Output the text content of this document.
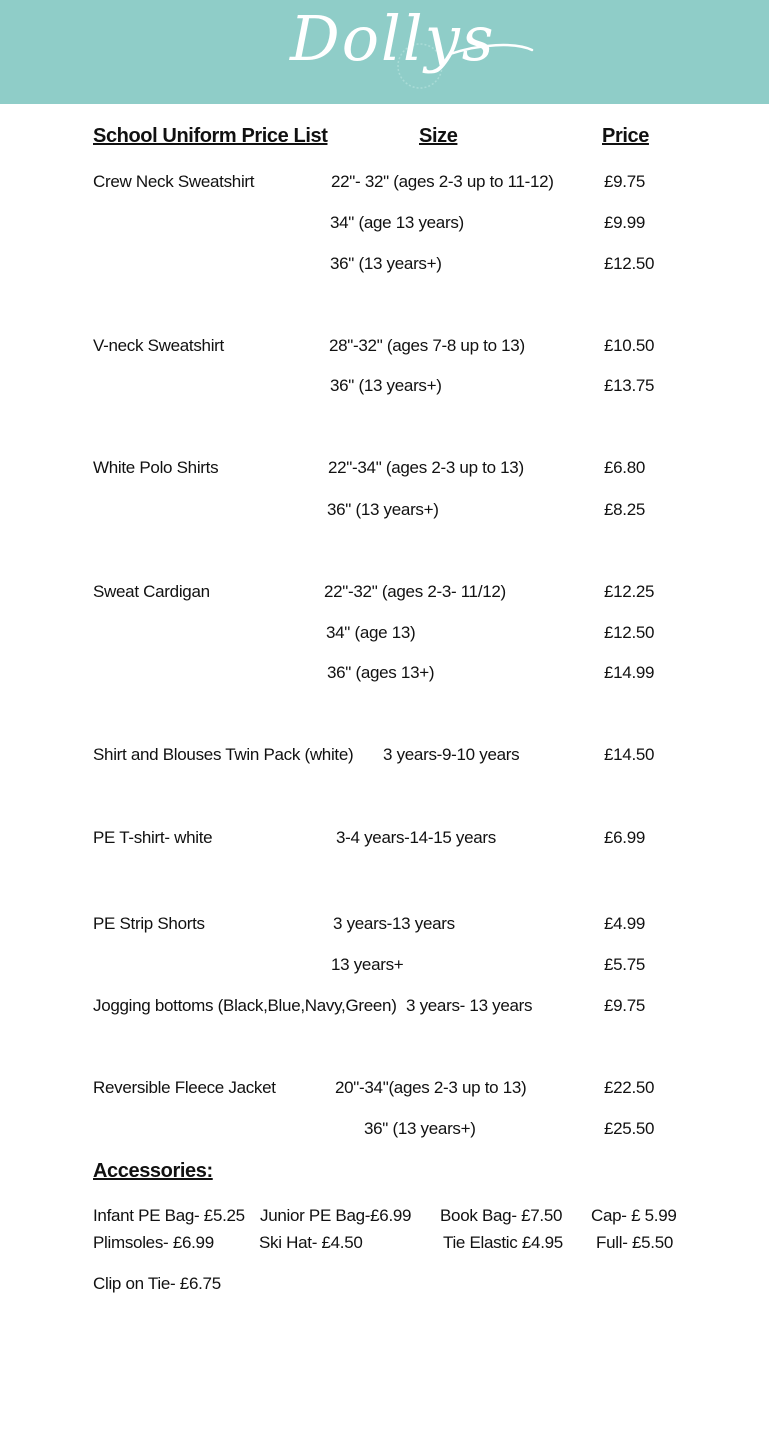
Dollys
School Uniform Price List	Size	Price
Crew Neck Sweatshirt	22"- 32" (ages 2-3 up to 11-12)	£9.75
34" (age 13 years)	£9.99
36" (13 years+)	£12.50
V-neck Sweatshirt	28"-32" (ages 7-8 up to 13)	£10.50
36" (13 years+)	£13.75
White Polo Shirts	22"-34" (ages 2-3 up to 13)	£6.80
36" (13 years+)	£8.25
Sweat Cardigan	22"-32" (ages 2-3- 11/12)	£12.25
34" (age 13)	£12.50
36" (ages 13+)	£14.99
Shirt and Blouses Twin Pack (white) 3 years-9-10 years	£14.50
PE T-shirt- white	3-4 years-14-15 years	£6.99
PE Strip Shorts	3 years-13 years	£4.99
13 years+	£5.75
Jogging bottoms (Black,Blue,Navy,Green) 3 years- 13 years	£9.75
Reversible Fleece Jacket	20"-34"(ages 2-3 up to 13)	£22.50
36" (13 years+)	£25.50
Accessories:
Infant PE Bag- £5.25 Junior PE Bag-£6.99 Book Bag- £7.50 Cap- £ 5.99
Plimsoles- £6.99	Ski Hat- £4.50	Tie Elastic £4.95 Full- £5.50
Clip on Tie- £6.75
